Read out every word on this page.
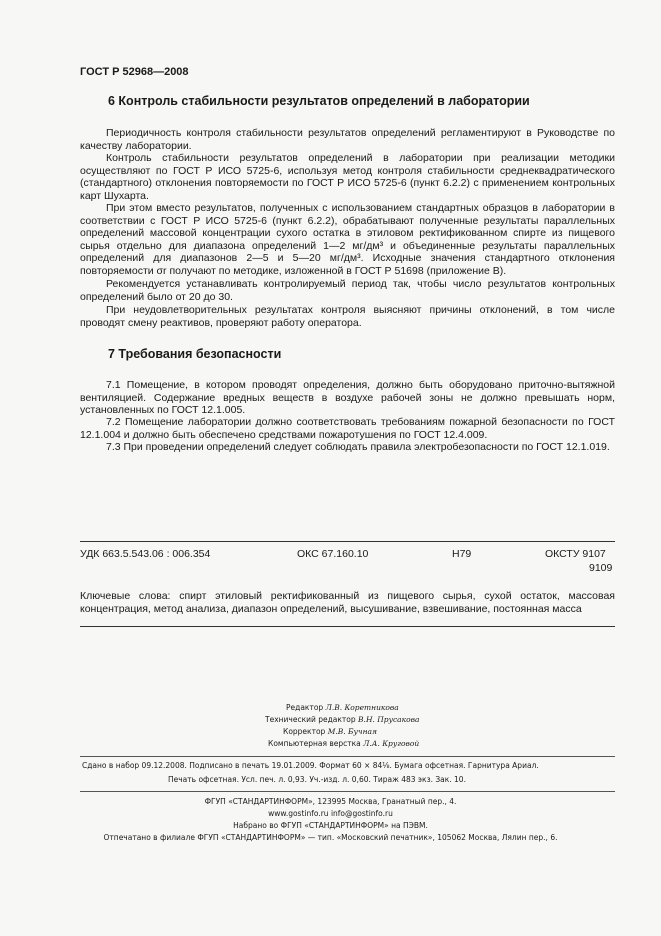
ГОСТ Р 52968—2008
6 Контроль стабильности результатов определений в лаборатории
Периодичность контроля стабильности результатов определений регламентируют в Руководстве по качеству лаборатории.
Контроль стабильности результатов определений в лаборатории при реализации методики осуществляют по ГОСТ Р ИСО 5725-6, используя метод контроля стабильности среднеквадратического (стандартного) отклонения повторяемости по ГОСТ Р ИСО 5725-6 (пункт 6.2.2) с применением контрольных карт Шухарта.
При этом вместо результатов, полученных с использованием стандартных образцов в лаборатории в соответствии с ГОСТ Р ИСО 5725-6 (пункт 6.2.2), обрабатывают полученные результаты параллельных определений массовой концентрации сухого остатка в этиловом ректификованном спирте из пищевого сырья отдельно для диапазона определений 1—2 мг/дм³ и объединенные результаты параллельных определений для диапазонов 2—5 и 5—20 мг/дм³. Исходные значения стандартного отклонения повторяемости σr получают по методике, изложенной в ГОСТ Р 51698 (приложение В).
Рекомендуется устанавливать контролируемый период так, чтобы число результатов контрольных определений было от 20 до 30.
При неудовлетворительных результатах контроля выясняют причины отклонений, в том числе проводят смену реактивов, проверяют работу оператора.
7 Требования безопасности
7.1 Помещение, в котором проводят определения, должно быть оборудовано приточно-вытяжной вентиляцией. Содержание вредных веществ в воздухе рабочей зоны не должно превышать норм, установленных по ГОСТ 12.1.005.
7.2 Помещение лаборатории должно соответствовать требованиям пожарной безопасности по ГОСТ 12.1.004 и должно быть обеспечено средствами пожаротушения по ГОСТ 12.4.009.
7.3 При проведении определений следует соблюдать правила электробезопасности по ГОСТ 12.1.019.
УДК 663.5.543.06 : 006.354	ОКС 67.160.10	Н79	ОКСТУ 9107
9109
Ключевые слова: спирт этиловый ректификованный из пищевого сырья, сухой остаток, массовая концентрация, метод анализа, диапазон определений, высушивание, взвешивание, постоянная масса
Редактор Л.В. Коретникова
Технический редактор В.Н. Прусакова
Корректор М.В. Бучная
Компьютерная верстка Л.А. Круговой
Сдано в набор 09.12.2008. Подписано в печать 19.01.2009. Формат 60 × 84⅛. Бумага офсетная. Гарнитура Ариал.
Печать офсетная. Усл. печ. л. 0,93. Уч.-изд. л. 0,60. Тираж 483 экз. Зак. 10.
ФГУП «СТАНДАРТИНФОРМ», 123995 Москва, Гранатный пер., 4.
www.gostinfo.ru info@gostinfo.ru
Набрано во ФГУП «СТАНДАРТИНФОРМ» на ПЭВМ.
Отпечатано в филиале ФГУП «СТАНДАРТИНФОРМ» — тип. «Московский печатник», 105062 Москва, Лялин пер., 6.
